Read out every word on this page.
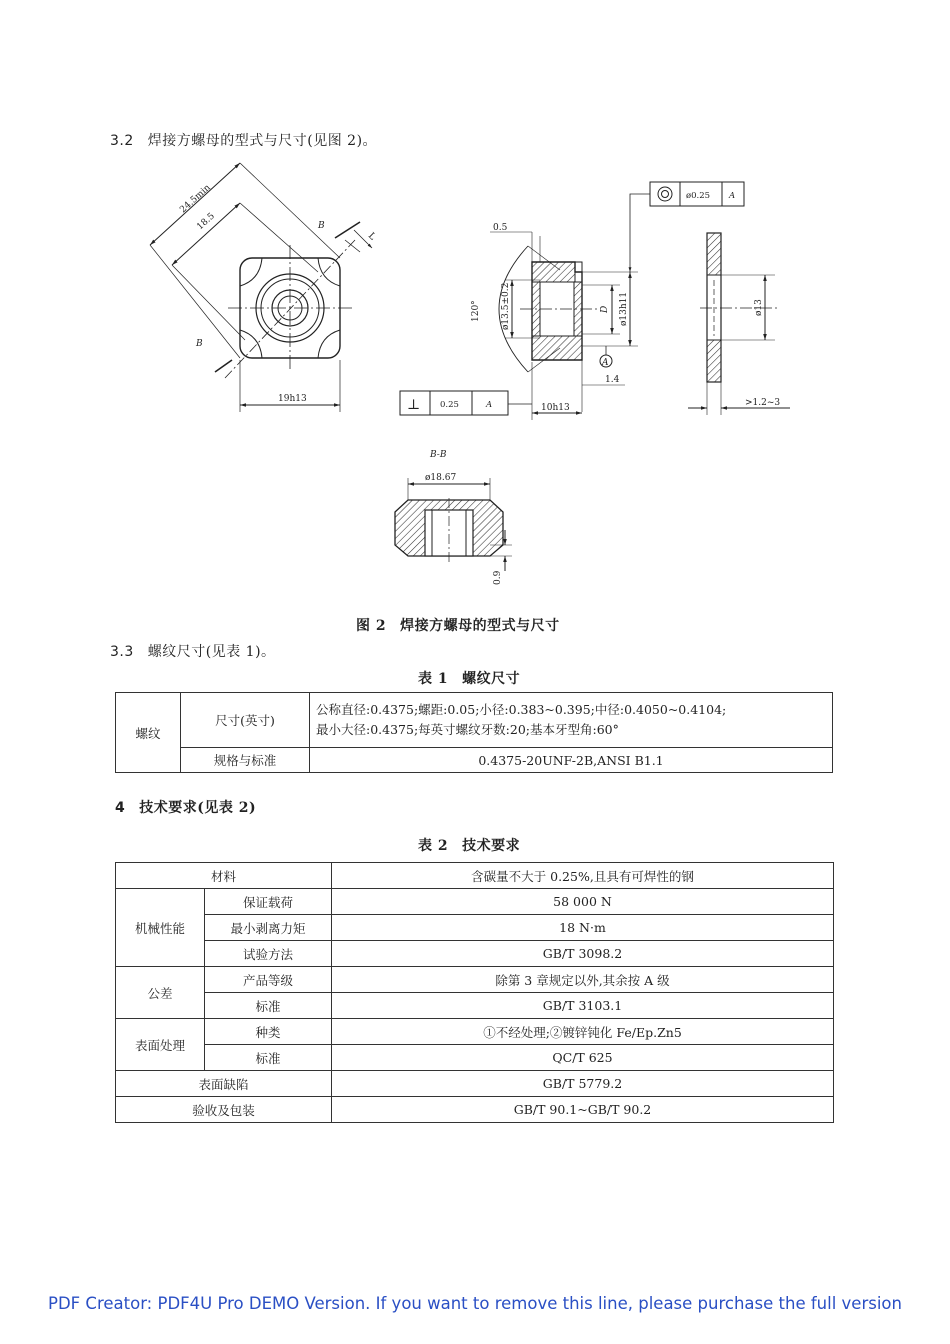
3.2 焊接方螺母的型式与尺寸(见图 2)。
24.5min
18.5	B
L
B
19h13
0.5
120° ø13.5±0.2	D ø13h11
A
1.4
10h13
ø13
>1.2~3
B-B
ø18.67
0.9
ø0.25 A
⊥ 0.25	A
图 2 焊接方螺母的型式与尺寸
3.3 螺纹尺寸(见表 1)。
表 1 螺纹尺寸
螺纹	尺寸(英寸)	公称直径:0.4375;螺距:0.05;小径:0.383~0.395;中径:0.4050~0.4104;
最小大径:0.4375;每英寸螺纹牙数:20;基本牙型角:60°

	规格与标准	0.4375-20UNF-2B,ANSI B1.1
4 技术要求(见表 2)
表 2 技术要求
材料		含碳量不大于 0.25%,且具有可焊性的钢
机械性能	保证载荷	58 000 N
	最小剥离力矩	18 N·m
	试验方法	GB/T 3098.2
公差	产品等级	除第 3 章规定以外,其余按 A 级
	标准	GB/T 3103.1
表面处理	种类	①不经处理;②镀锌钝化 Fe/Ep.Zn5
	标准	QC/T 625
表面缺陷		GB/T 5779.2
验收及包装		GB/T 90.1~GB/T 90.2
PDF Creator: PDF4U Pro DEMO Version. If you want to remove this line, please purchase the full version
